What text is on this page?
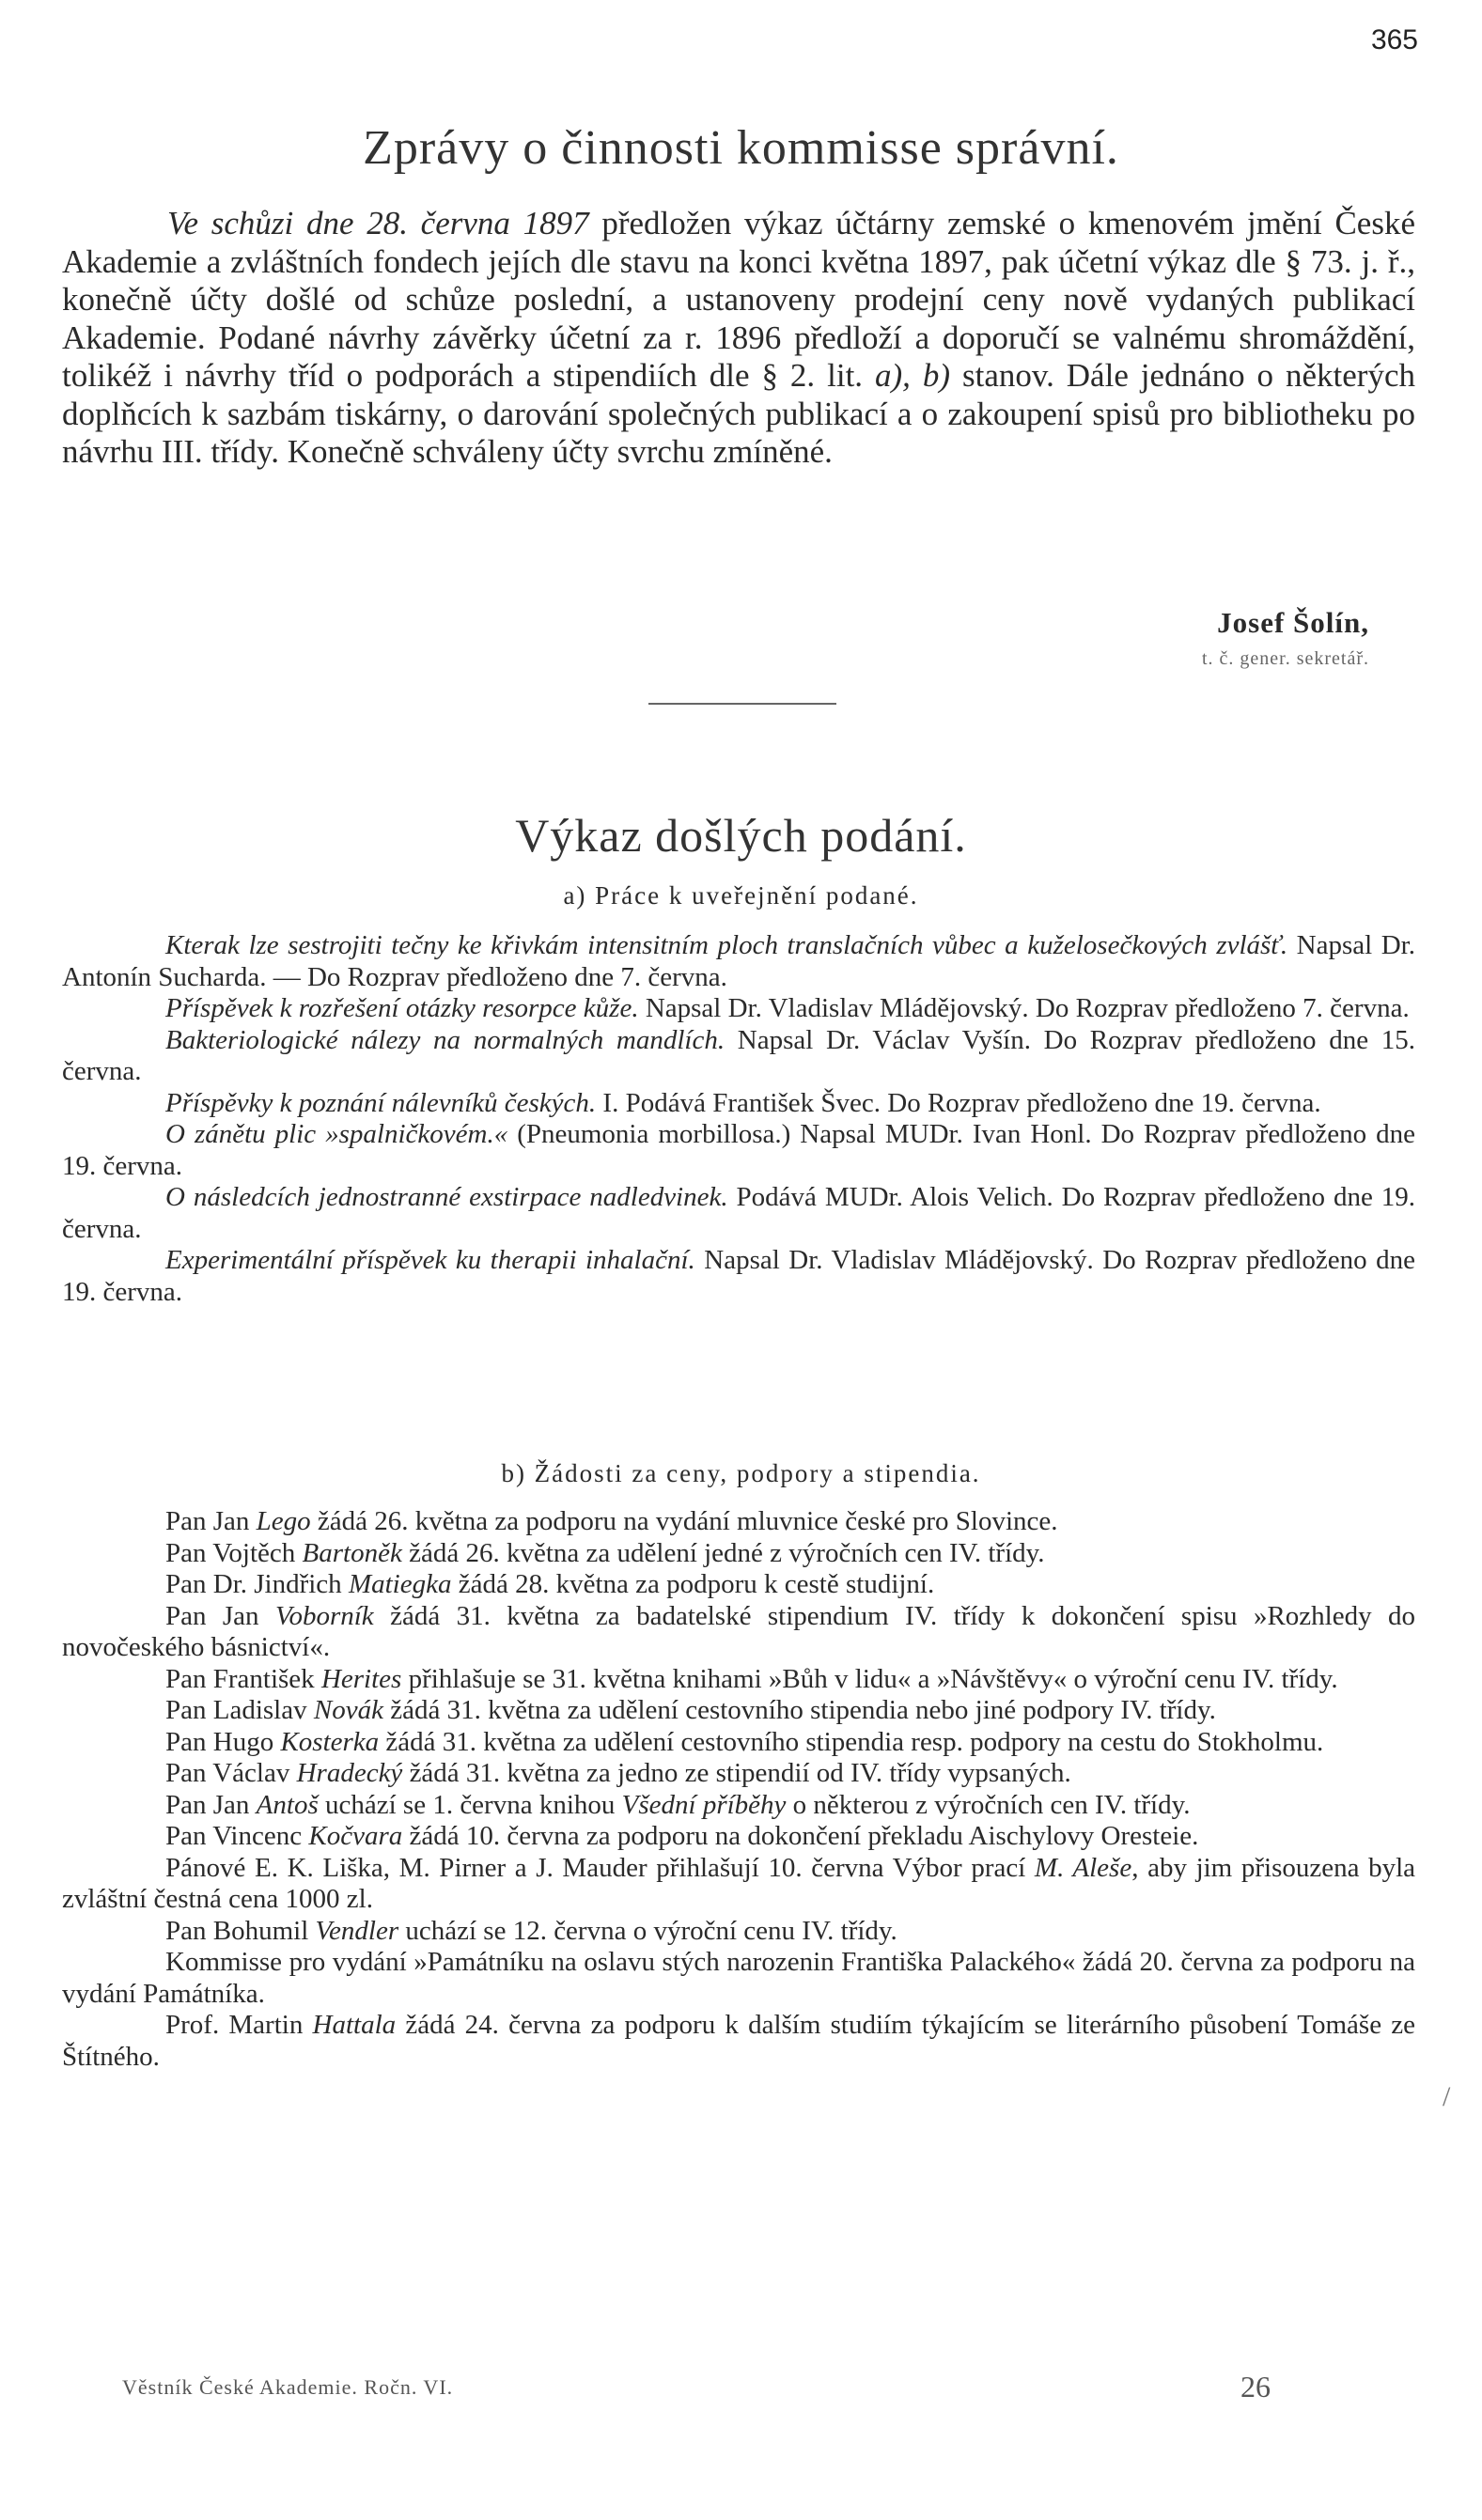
365
Zprávy o činnosti kommisse správní.
Ve schůzi dne 28. června 1897 předložen výkaz účtárny zemské o kmenovém jmění České Akademie a zvláštních fondech jejích dle stavu na konci května 1897, pak účetní výkaz dle § 73. j. ř., konečně účty došlé od schůze poslední, a ustanoveny prodejní ceny nově vydaných publikací Akademie. Podané návrhy závěrky účetní za r. 1896 předloží a doporučí se valnému shromáždění, tolikéž i návrhy tříd o podporách a stipendiích dle § 2. lit. a), b) stanov. Dále jednáno o některých doplňcích k sazbám tiskárny, o darování společných publikací a o zakoupení spisů pro bibliotheku po návrhu III. třídy. Konečně schváleny účty svrchu zmíněné.
Josef Šolín,
t. č. gener. sekretář.
Výkaz došlých podání.
a) Práce k uveřejnění podané.

Kterak lze sestrojiti tečny ke křivkám intensitním ploch translačních vůbec a kuželosečkových zvlášť. Napsal Dr. Antonín Sucharda. — Do Rozprav předloženo dne 7. června.

Příspěvek k rozřešení otázky resorpce kůže. Napsal Dr. Vladislav Mládějovský. Do Rozprav předloženo 7. června.

Bakteriologické nálezy na normalných mandlích. Napsal Dr. Václav Vyšín. Do Rozprav předloženo dne 15. června.

Příspěvky k poznání nálevníků českých. I. Podává František Švec. Do Rozprav předloženo dne 19. června.

O zánětu plic »spalničkovém.« (Pneumonia morbillosa.) Napsal MUDr. Ivan Honl. Do Rozprav předloženo dne 19. června.

O následcích jednostranné exstirpace nadledvinek. Podává MUDr. Alois Velich. Do Rozprav předloženo dne 19. června.

Experimentální příspěvek ku therapii inhalační. Napsal Dr. Vladislav Mládějovský. Do Rozprav předloženo dne 19. června.

b) Žádosti za ceny, podpory a stipendia.

Pan Jan Lego žádá 26. května za podporu na vydání mluvnice české pro Slovince.

Pan Vojtěch Bartoněk žádá 26. května za udělení jedné z výročních cen IV. třídy.

Pan Dr. Jindřich Matiegka žádá 28. května za podporu k cestě studijní.

Pan Jan Voborník žádá 31. května za badatelské stipendium IV. třídy k dokončení spisu »Rozhledy do novočeského básnictví«.

Pan František Herites přihlašuje se 31. května knihami »Bůh v lidu« a »Návštěvy« o výroční cenu IV. třídy.

Pan Ladislav Novák žádá 31. května za udělení cestovního stipendia nebo jiné podpory IV. třídy.

Pan Hugo Kosterka žádá 31. května za udělení cestovního stipendia resp. podpory na cestu do Stokholmu.

Pan Václav Hradecký žádá 31. května za jedno ze stipendií od IV. třídy vypsaných.

Pan Jan Antoš uchází se 1. června knihou Všední příběhy o některou z výročních cen IV. třídy.

Pan Vincenc Kočvara žádá 10. června za podporu na dokončení překladu Aischylovy Oresteie.

Pánové E. K. Liška, M. Pirner a J. Mauder přihlašují 10. června Výbor prací M. Aleše, aby jim přisouzena byla zvláštní čestná cena 1000 zl.

Pan Bohumil Vendler uchází se 12. června o výroční cenu IV. třídy.

Kommisse pro vydání »Památníku na oslavu stých narozenin Františka Palackého« žádá 20. června za podporu na vydání Památníka.

Prof. Martin Hattala žádá 24. června za podporu k dalším studiím týkajícím se literárního působení Tomáše ze Štítného.

/
Věstník České Akademie. Ročn. VI.	26
